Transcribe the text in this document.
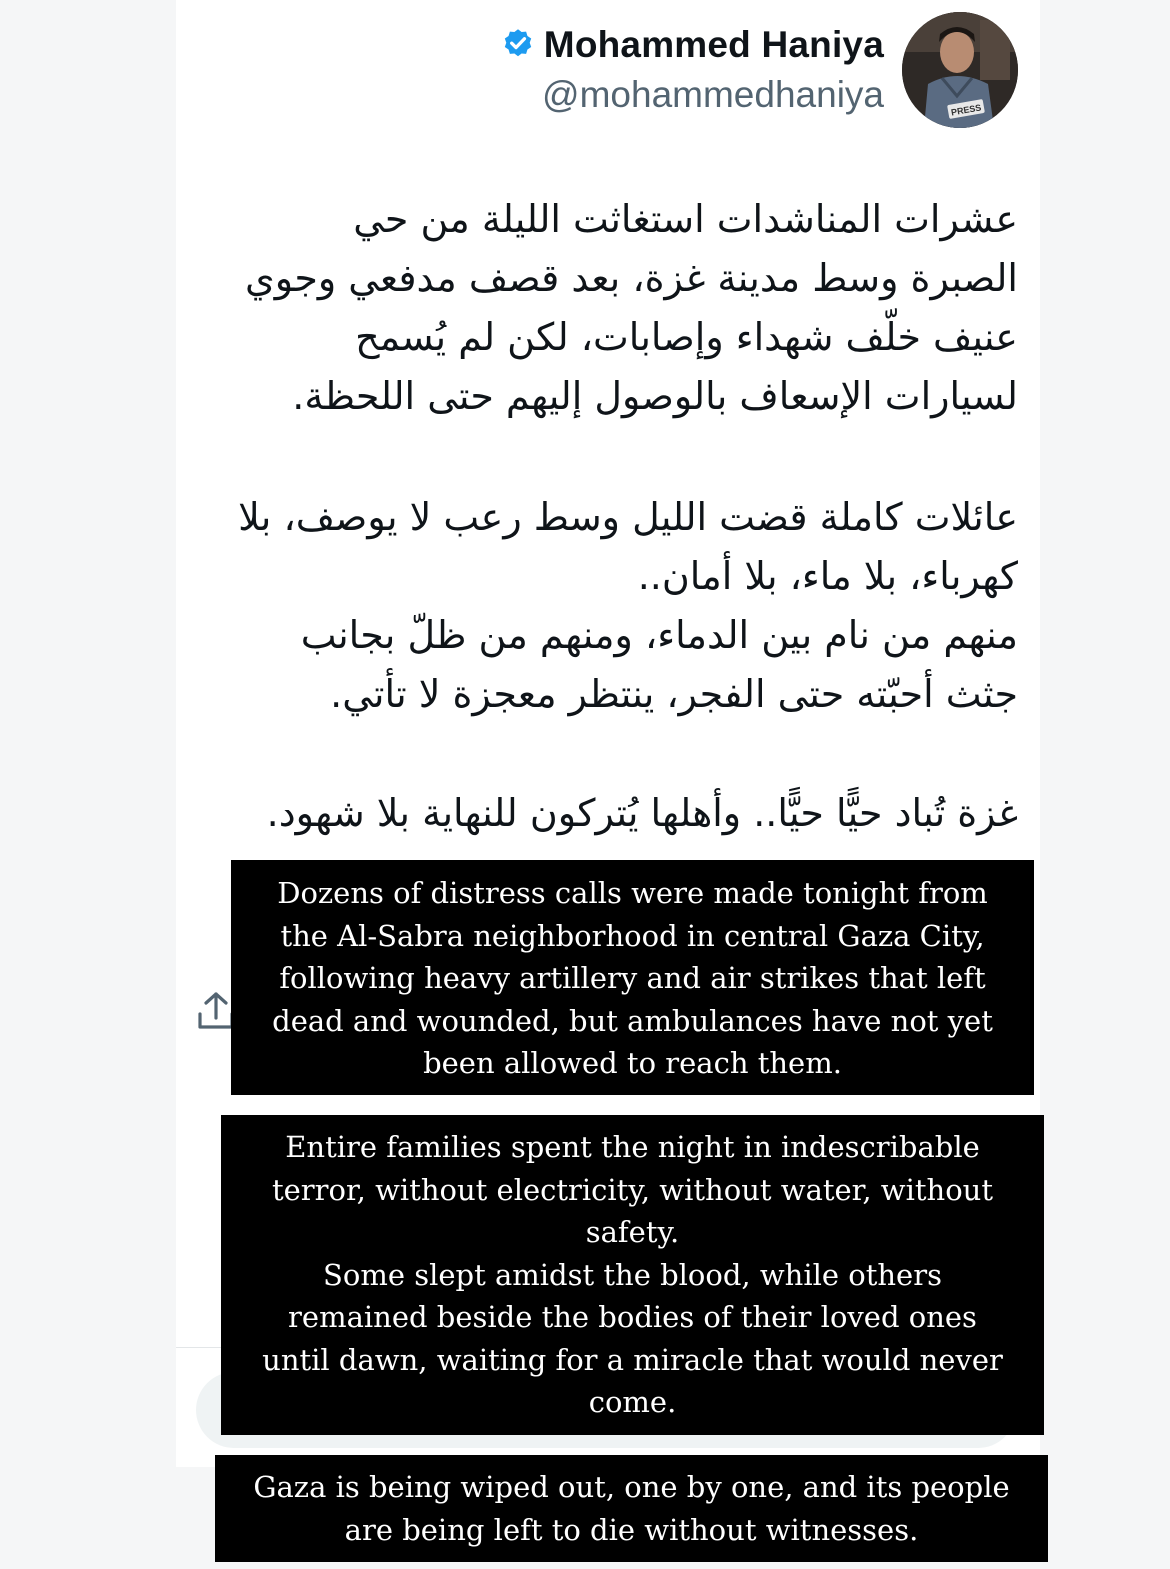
Mohammed Haniya
@mohammedhaniya	PRESS
عشرات المناشدات استغاثت الليلة من حي
الصبرة وسط مدينة غزة، بعد قصف مدفعي وجوي
عنيف خلّف شهداء وإصابات، لكن لم يُسمح
لسيارات الإسعاف بالوصول إليهم حتى اللحظة.
عائلات كاملة قضت الليل وسط رعب لا يوصف، بلا
كهرباء، بلا ماء، بلا أمان..
منهم من نام بين الدماء، ومنهم من ظلّ بجانب
جثث أحبّته حتى الفجر، ينتظر معجزة لا تأتي.
غزة تُباد حيًّا حيًّا.. وأهلها يُتركون للنهاية بلا شهود.
Dozens of distress calls were made tonight from
the Al-Sabra neighborhood in central Gaza City,
following heavy artillery and air strikes that left
dead and wounded, but ambulances have not yet
been allowed to reach them.
Entire families spent the night in indescribable
terror, without electricity, without water, without
safety.
Some slept amidst the blood, while others
remained beside the bodies of their loved ones
until dawn, waiting for a miracle that would never
come.
Gaza is being wiped out, one by one, and its people
are being left to die without witnesses.
